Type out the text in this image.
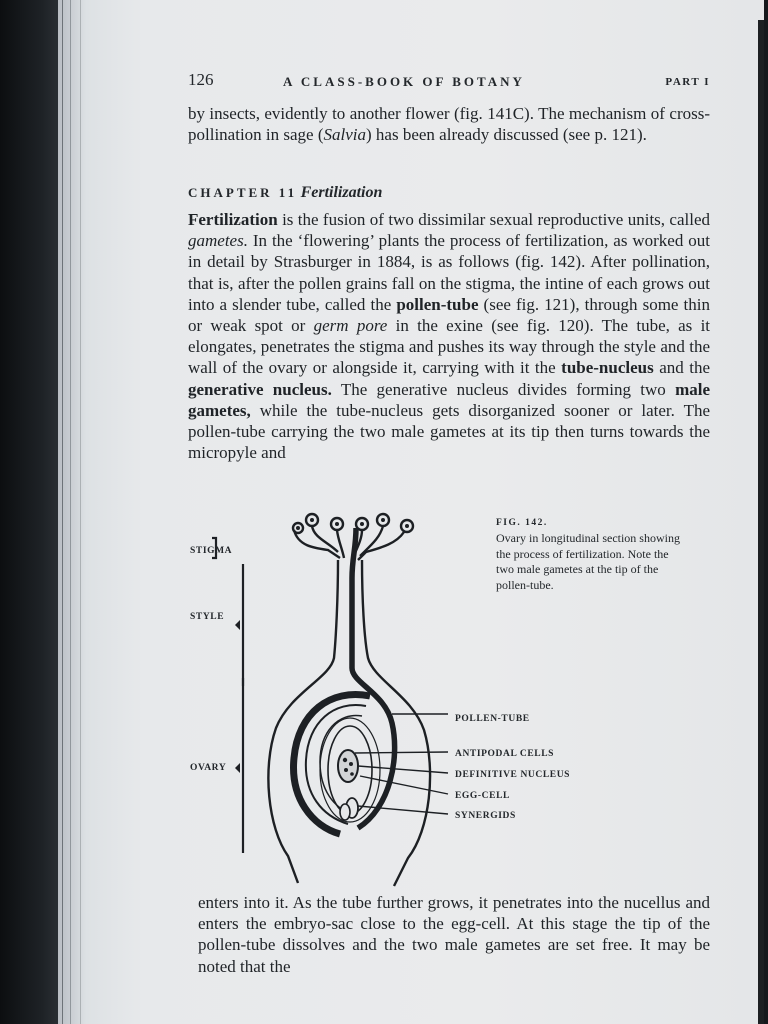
126	A CLASS-BOOK OF BOTANY	PART I

by insects, evidently to another flower (fig. 141C). The mechanism of cross-pollination in sage (Salvia) has been already discussed (see p. 121).

CHAPTER 11 Fertilization

Fertilization is the fusion of two dissimilar sexual reproductive units, called gametes. In the ‘flowering’ plants the process of fertilization, as worked out in detail by Strasburger in 1884, is as follows (fig. 142). After pollination, that is, after the pollen grains fall on the stigma, the intine of each grows out into a slender tube, called the pollen-tube (see fig. 121), through some thin or weak spot or germ pore in the exine (see fig. 120). The tube, as it elongates, penetrates the stigma and pushes its way through the style and the wall of the ovary or alongside it, carrying with it the tube-nucleus and the generative nucleus. The generative nucleus divides forming two male gametes, while the tube-nucleus gets disorganized sooner or later. The pollen-tube carrying the two male gametes at its tip then turns towards the micropyle and

STIGMA
STYLE
OVARY
POLLEN-TUBE
ANTIPODAL CELLS
DEFINITIVE NUCLEUS
EGG-CELL
SYNERGIDS
FIG. 142.
Ovary in longitudinal section showing the process of fertilization. Note the two male gametes at the tip of the pollen-tube.

enters into it. As the tube further grows, it penetrates into the nucellus and enters the embryo-sac close to the egg-cell. At this stage the tip of the pollen-tube dissolves and the two male gametes are set free. It may be noted that the
